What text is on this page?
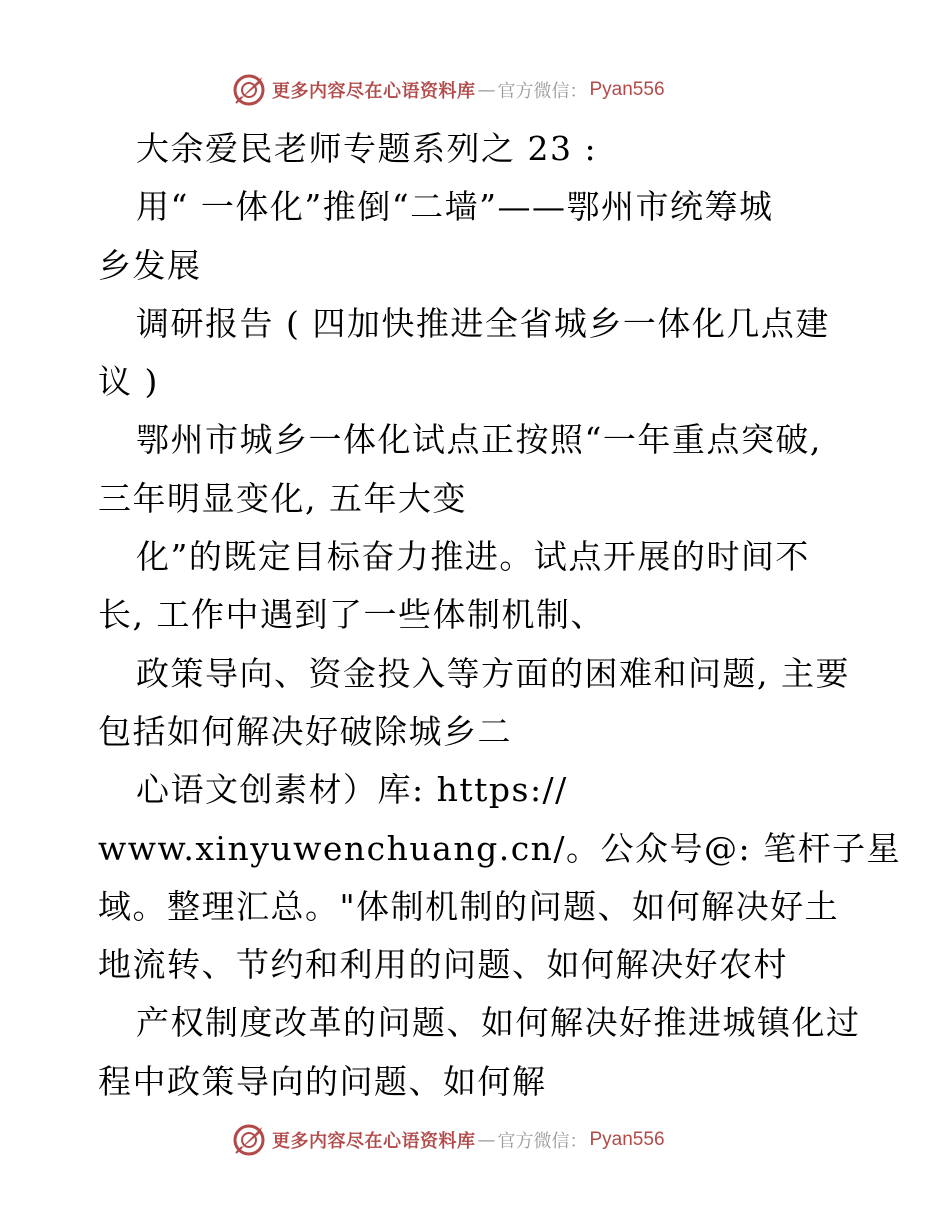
更多内容尽在心语资料库 — 官方微信： Pyan556
大余爱民老师专题系列之 23 :
用“ 一体化”推倒“二墙”——鄂州市统筹城
乡发展
调研报告 ( 四加快推进全省城乡一体化几点建
议 )
鄂州市城乡一体化试点正按照“一年重点突破,
三年明显变化, 五年大变
化”的既定目标奋力推进。试点开展的时间不
长, 工作中遇到了一些体制机制、
政策导向、资金投入等方面的困难和问题, 主要
包括如何解决好破除城乡二
心语文创素材）库: https://
www.xinyuwenchuang.cn/。公众号@: 笔杆子星
域。整理汇总。"体制机制的问题、如何解决好土
地流转、节约和利用的问题、如何解决好农村
产权制度改革的问题、如何解决好推进城镇化过
程中政策导向的问题、如何解
更多内容尽在心语资料库 — 官方微信： Pyan556
